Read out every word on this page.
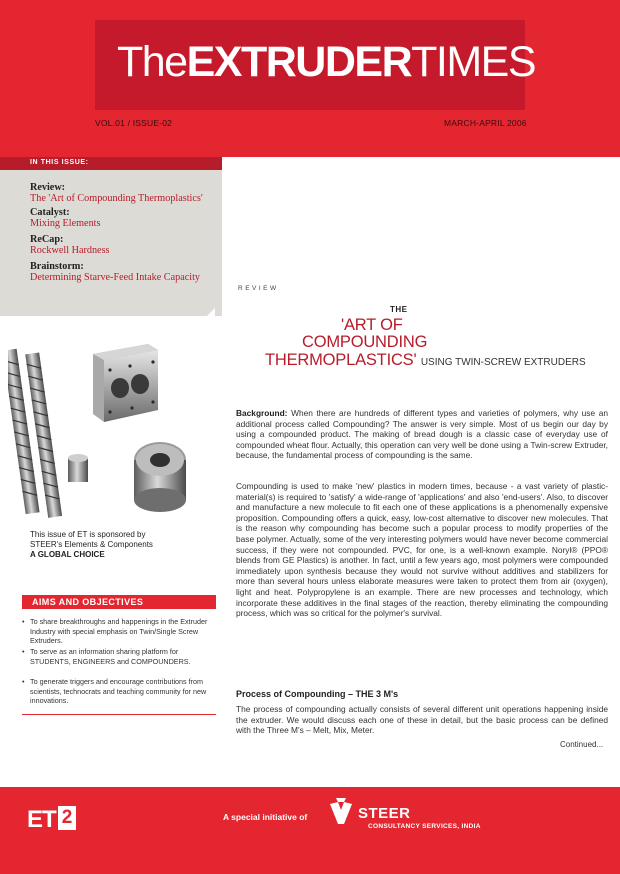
TheEXTRUDERTIMES
VOL.01 / ISSUE-02	MARCH-APRIL 2006
IN THIS ISSUE:
Review:
The 'Art of Compounding Thermoplastics'
Catalyst:
Mixing Elements
ReCap:
Rockwell Hardness
Brainstorm:
Determining Starve-Feed Intake Capacity
This issue of ET is sponsored by
STEER's Elements & Components
A GLOBAL CHOICE
AIMS AND OBJECTIVES
• To share breakthroughs and happenings in the Extruder Industry with special emphasis on Twin/Single Screw Extruders.
• To serve as an information sharing platform for STUDENTS, ENGINEERS and COMPOUNDERS.
• To generate triggers and encourage contributions from scientists, technocrats and teaching community for new innovations.
REVIEW
THE
'ART OF
COMPOUNDING
THERMOPLASTICS' USING TWIN-SCREW EXTRUDERS
Background: When there are hundreds of different types and varieties of polymers, why use an additional process called Compounding? The answer is very simple. Most of us begin our day by using a compounded product. The making of bread dough is a classic case of everyday use of compounded wheat flour. Actually, this operation can very well be done using a Twin-screw Extruder, because, the fundamental process of compounding is the same.
Compounding is used to make 'new' plastics in modern times, because - a vast variety of plastic-material(s) is required to 'satisfy' a wide-range of 'applications' and also 'end-users'. Also, to discover and manufacture a new molecule to fit each one of these applications is a phenomenally expensive proposition. Compounding offers a quick, easy, low-cost alternative to discover new molecules. That is the reason why compounding has become such a popular process to modify properties of the base polymer. Actually, some of the very interesting polymers would have never become commercial success, if they were not compounded. PVC, for one, is a well-known example. Noryl® (PPO® blends from GE Plastics) is another. In fact, until a few years ago, most polymers were compounded immediately upon synthesis because they would not survive without additives and stabilizers for more than several hours unless elaborate measures were taken to protect them from air (oxygen), light and heat. Polypropylene is an example. There are new processes and technology, which incorporate these additives in the final stages of the reaction, thereby eliminating the compounding process, which was so critical for the polymer's survival.
Process of Compounding – THE 3 M's
The process of compounding actually consists of several different unit operations happening inside the extruder. We would discuss each one of these in detail, but the basic process can be defined with the Three M's – Melt, Mix, Meter.
Continued...
ET 2	A special initiative of	STEER
CONSULTANCY SERVICES, INDIA
